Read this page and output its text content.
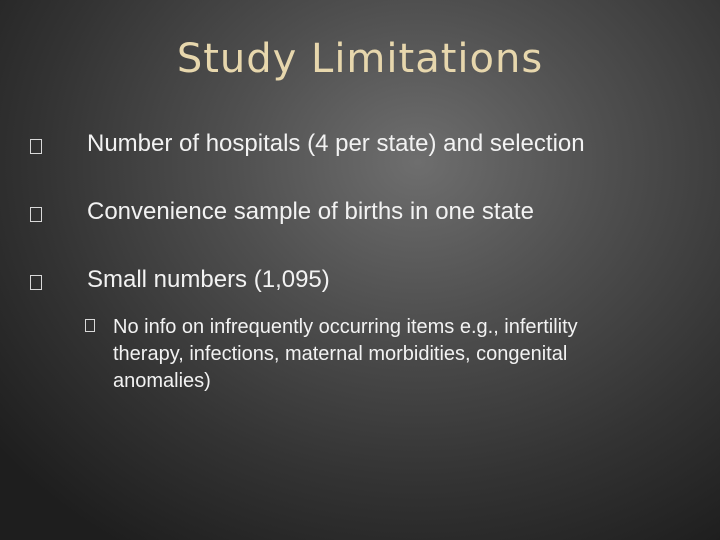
Study Limitations
Number of hospitals (4 per state) and selection
Convenience sample of births in one state
Small numbers (1,095)
No info on infrequently occurring items e.g., infertility therapy, infections, maternal morbidities, congenital anomalies)
